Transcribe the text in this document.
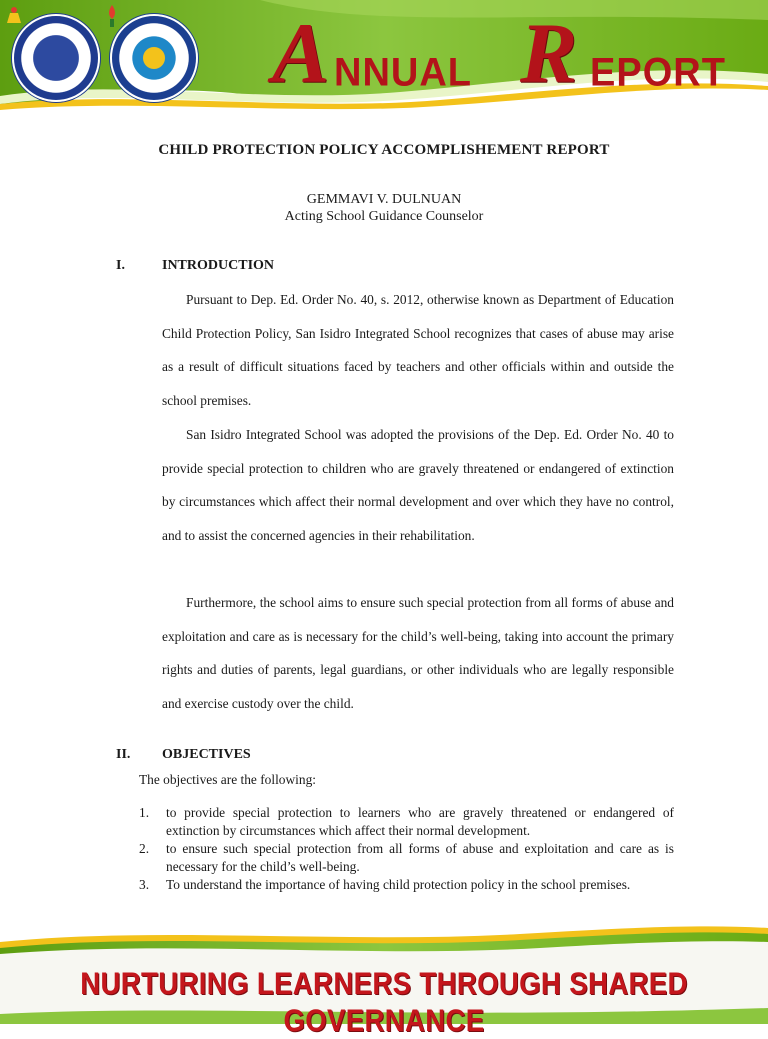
A NNUAL R EPORT
CHILD PROTECTION POLICY ACCOMPLISHEMENT REPORT
GEMMAVI V. DULNUAN
Acting School Guidance Counselor
I.	INTRODUCTION

Pursuant to Dep. Ed. Order No. 40, s. 2012, otherwise known as Department of Education Child Protection Policy, San Isidro Integrated School recognizes that cases of abuse may arise as a result of difficult situations faced by teachers and other officials within and outside the school premises.

San Isidro Integrated School was adopted the provisions of the Dep. Ed. Order No. 40 to provide special protection to children who are gravely threatened or endangered of extinction by circumstances which affect their normal development and over which they have no control, and to assist the concerned agencies in their rehabilitation.

Furthermore, the school aims to ensure such special protection from all forms of abuse and exploitation and care as is necessary for the child’s well-being, taking into account the primary rights and duties of parents, legal guardians, or other individuals who are legally responsible and exercise custody over the child.

II. OBJECTIVES
The objectives are the following:
1. to provide special protection to learners who are gravely threatened or endangered of extinction by circumstances which affect their normal development.
2. to ensure such special protection from all forms of abuse and exploitation and care as is necessary for the child’s well-being.
3. To understand the importance of having child protection policy in the school premises.
NURTURING LEARNERS THROUGH SHARED GOVERNANCE
